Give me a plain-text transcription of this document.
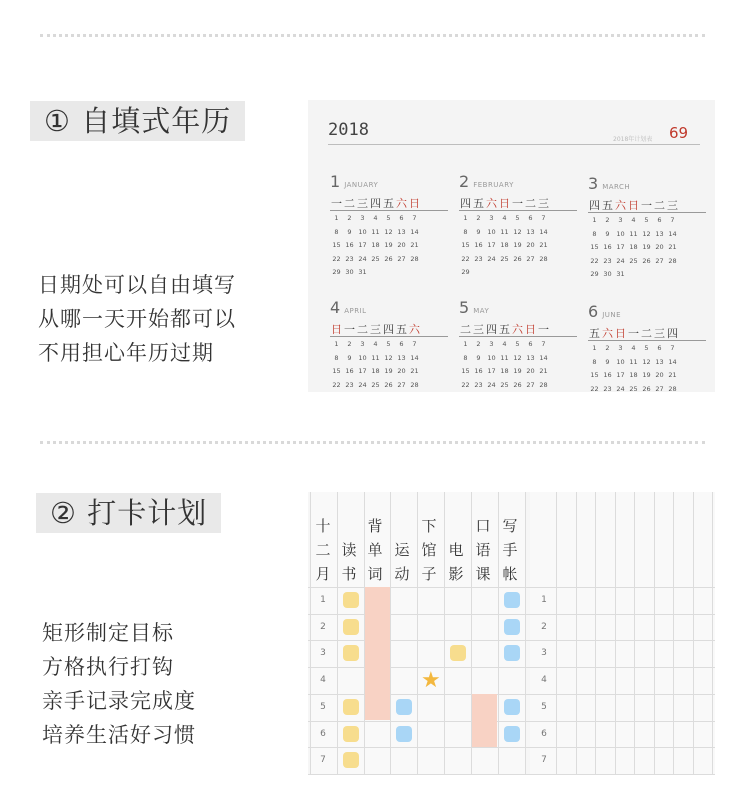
① 自填式年历
日期处可以自由填写
从哪一天开始都可以
不用担心年历过期
2018	2018年计划表 69
1 JANUARY
一 二 三 四 五 六 日
1 2 3 4 5 6 7
8 9 10 11 12 13 14
15 16 17 18 19 20 21
22 23 24 25 26 27 28
29 30 31
2 FEBRUARY
四 五 六 日 一 二 三
1 2 3 4 5 6 7
8 9 10 11 12 13 14
15 16 17 18 19 20 21
22 23 24 25 26 27 28
29
3 MARCH
四 五 六 日 一 二 三
1 2 3 4 5 6 7
8 9 10 11 12 13 14
15 16 17 18 19 20 21
22 23 24 25 26 27 28
29 30 31
4 APRIL
日 一 二 三 四 五 六
1 2 3 4 5 6 7
8 9 10 11 12 13 14
15 16 17 18 19 20 21
22 23 24 25 26 27 28
5 MAY
二 三 四 五 六 日 一
1 2 3 4 5 6 7
8 9 10 11 12 13 14
15 16 17 18 19 20 21
22 23 24 25 26 27 28
6 JUNE
五 六 日 一 二 三 四
1 2 3 4 5 6 7
8 9 10 11 12 13 14
15 16 17 18 19 20 21
22 23 24 25 26 27 28
② 打卡计划
矩形制定目标
方格执行打钩
亲手记录完成度
培养生活好习惯
十
二
月
读
书
背
单
词
运
动
下
馆
子
电
影
口
语
课
写
手
帐
1
2
3
4
5
6
7
1
2
3
4
5
6
7
★
